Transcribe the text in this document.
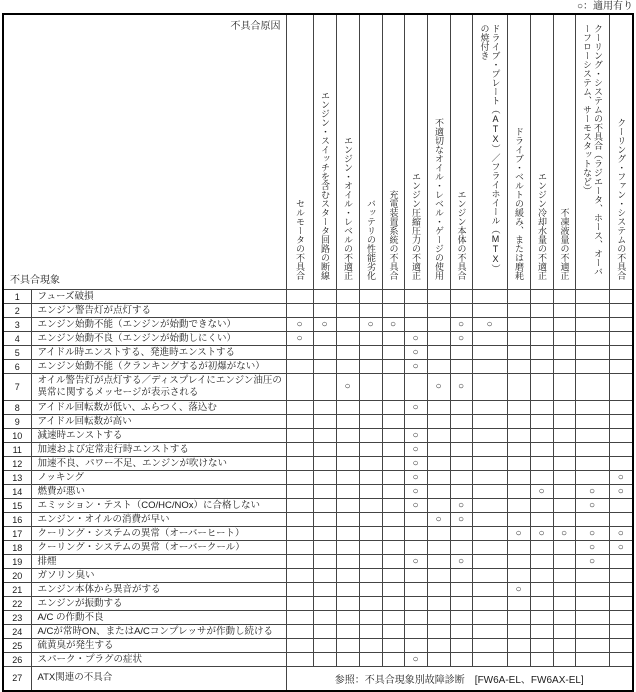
○：適用有り
不具合原因
不具合現象		セルモータの不具合	エンジン・スイッチを含むスタータ回路の断線	エンジン・オイル・レベルの不適正	バッテリの性能劣化	充電装置系統の不具合	エンジン圧縮圧力の不適正	不適切なオイル・レベル・ゲージの使用	エンジン本体の不具合	ドライブ・プレート（ATX）／フライホイール（MTX）の焼付き	ドライブ・ベルトの緩み、または磨耗	エンジン冷却水量の不適正	不凍液量の不適正	クーリング・システムの不具合（ラジエータ、ホース、オーバーフローシステム、サーモスタットなど）	クーリング・ファン・システムの不具合
1	フューズ破損														
2	エンジン警告灯が点灯する														
3	エンジン始動不能（エンジンが始動できない）	○	○		○	○			○	○					
4	エンジン始動不良（エンジンが始動しにくい）	○					○		○						
5	アイドル時エンストする、発進時エンストする						○								
6	エンジン始動不能（クランキングするが初爆がない）						○								
7	オイル警告灯が点灯する／ディスプレイにエンジン油圧の異常に関するメッセージが表示される			○				○	○						
8	アイドル回転数が低い、ふらつく、落込む						○								
9	アイドル回転数が高い														
10	減速時エンストする						○								
11	加速および定常走行時エンストする						○								
12	加速不良、パワー不足、エンジンが吹けない						○								
13	ノッキング						○								○
14	燃費が悪い						○					○		○	○
15	エミッション・テスト（CO/HC/NOx）に合格しない						○		○					○	
16	エンジン・オイルの消費が早い							○	○						
17	クーリング・システムの異常（オーバーヒート）										○	○	○	○	○
18	クーリング・システムの異常（オーバークール）													○	○
19	排煙						○		○					○	
20	ガソリン臭い														
21	エンジン本体から異音がする										○				
22	エンジンが振動する														
23	A/C の作動不良														
24	A/Cが常時ON、またはA/Cコンプレッサが作動し続ける														
25	硫黄臭が発生する														
26	スパーク・プラグの症状						○								
27	ATX関連の不具合	参照：不具合現象別故障診断　[FW6A-EL、FW6AX-EL]													
